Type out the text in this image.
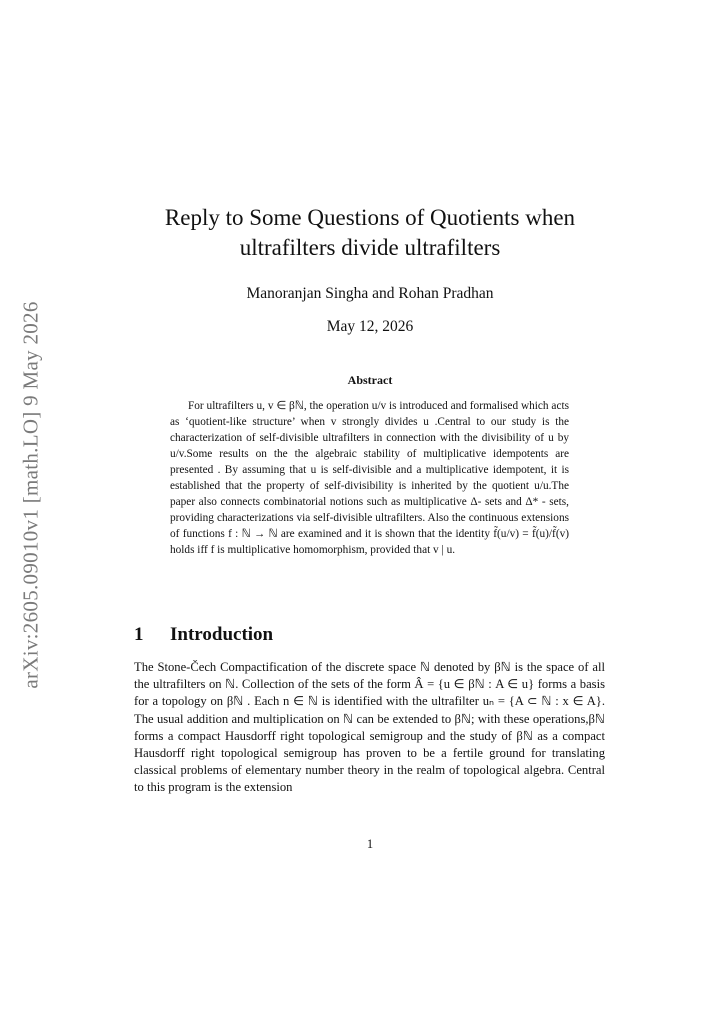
arXiv:2605.09010v1 [math.LO] 9 May 2026
Reply to Some Questions of Quotients when ultrafilters divide ultrafilters
Manoranjan Singha and Rohan Pradhan
May 12, 2026
Abstract

For ultrafilters u, v ∈ βℕ, the operation u/v is introduced and formalised which acts as ‘quotient-like structure’ when v strongly divides u .Central to our study is the characterization of self-divisible ultrafilters in connection with the divisibility of u by u/v.Some results on the the algebraic stability of multiplicative idempotents are presented . By assuming that u is self-divisible and a multiplicative idempotent, it is established that the property of self-divisibility is inherited by the quotient u/u.The paper also connects combinatorial notions such as multiplicative Δ- sets and Δ* - sets, providing characterizations via self-divisible ultrafilters. Also the continuous extensions of functions f : ℕ → ℕ are examined and it is shown that the identity f̃(u/v) = f̃(u)/f̃(v) holds iff f is multiplicative homomorphism, provided that v | u.

1 Introduction

The Stone-Čech Compactification of the discrete space ℕ denoted by βℕ is the space of all the ultrafilters on ℕ. Collection of the sets of the form Â = {u ∈ βℕ : A ∈ u} forms a basis for a topology on βℕ . Each n ∈ ℕ is identified with the ultrafilter uₙ = {A ⊂ ℕ : x ∈ A}. The usual addition and multiplication on ℕ can be extended to βℕ; with these operations,βℕ forms a compact Hausdorff right topological semigroup and the study of βℕ as a compact Hausdorff right topological semigroup has proven to be a fertile ground for translating classical problems of elementary number theory in the realm of topological algebra. Central to this program is the extension

1
